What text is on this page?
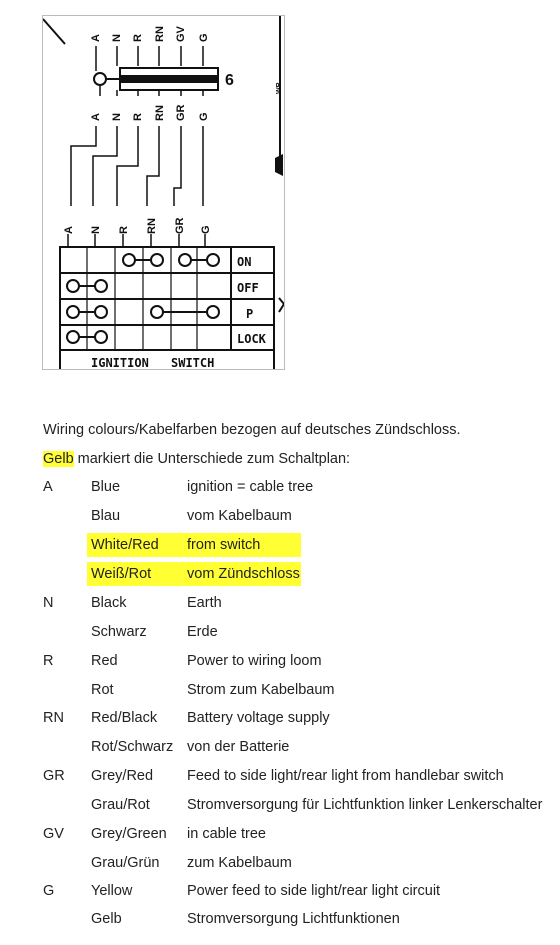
WR
A N R RN GV G
6
A N R RN GR G
A N R RN GR G
ON
OFF
P
LOCK
IGNITION SWITCH
Wiring colours/Kabelfarben bezogen auf deutsches Zündschloss.
Gelb markiert die Unterschiede zum Schaltplan:
A	Blue	ignition = cable tree
Blau	vom Kabelbaum
White/Red from switch
Weiß/Rot vom Zündschloss
N	Black	Earth
Schwarz	Erde
R	Red	Power to wiring loom
Rot	Strom zum Kabelbaum
RN Red/Black Battery voltage supply
Rot/Schwarz von der Batterie
GR Grey/Red Feed to side light/rear light from handlebar switch
Grau/Rot	Stromversorgung für Lichtfunktion linker Lenkerschalter
GV Grey/Green in cable tree
Grau/Grün zum Kabelbaum
G	Yellow	Power feed to side light/rear light circuit
Gelb	Stromversorgung Lichtfunktionen
